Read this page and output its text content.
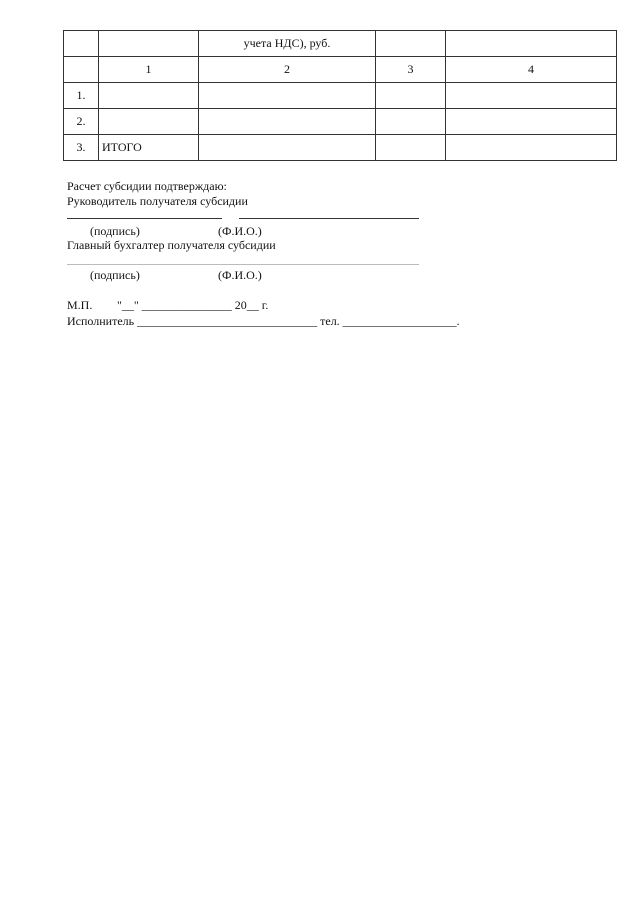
		учета НДС), руб.		
	1	2	3	4
1.				
2.				
3.	ИТОГО			
Расчет субсидии подтверждаю:
Руководитель получателя субсидии
(подпись)	(Ф.И.О.)
Главный бухгалтер получателя субсидии
(подпись)	(Ф.И.О.)
М.П. "__" _______________ 20__ г.
Исполнитель ______________________________ тел. ___________________.
